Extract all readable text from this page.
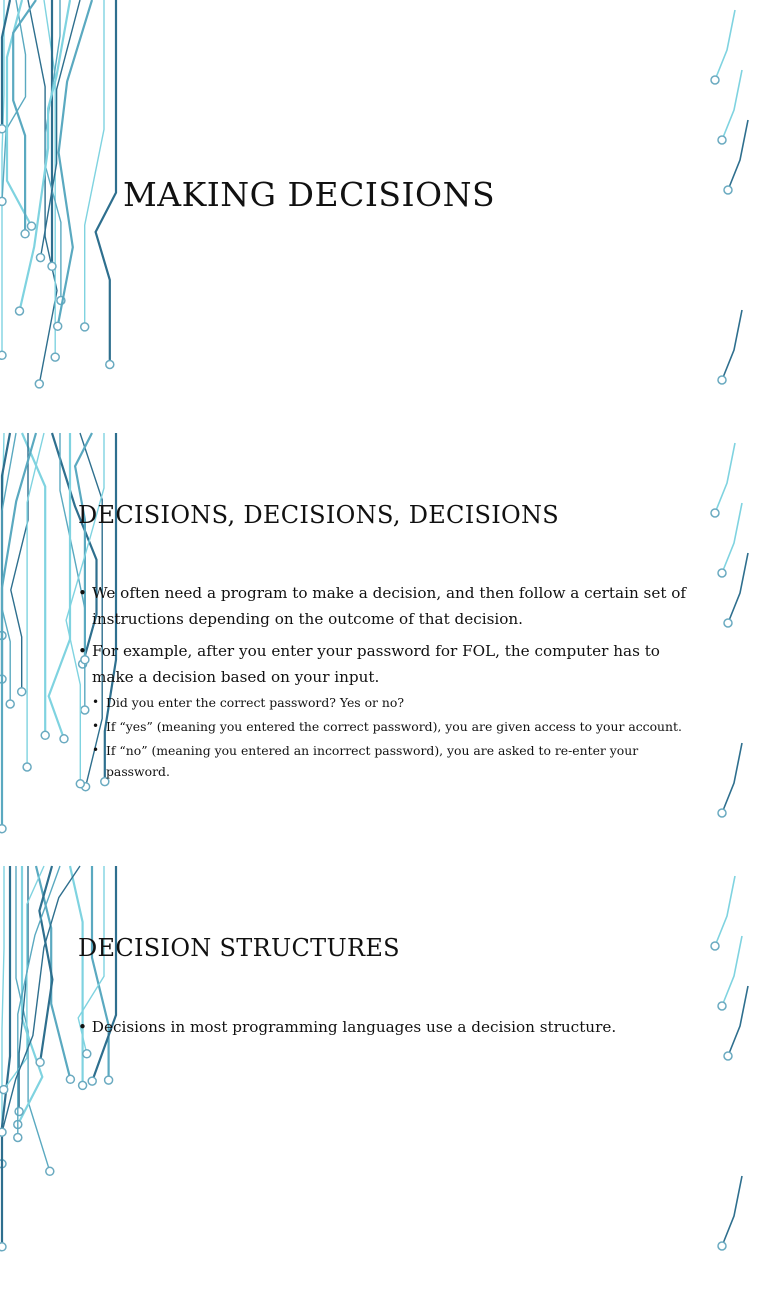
MAKING DECISIONS
DECISIONS, DECISIONS, DECISIONS
• We often need a program to make a decision, and then follow a certain set of instructions depending on the outcome of that decision.
• For example, after you enter your password for FOL, the computer has to make a decision based on your input.
• Did you enter the correct password? Yes or no?
• If “yes” (meaning you entered the correct password), you are given access to your account.
• If “no” (meaning you entered an incorrect password), you are asked to re-enter your password.
DECISION STRUCTURES
• Decisions in most programming languages use a decision structure.
